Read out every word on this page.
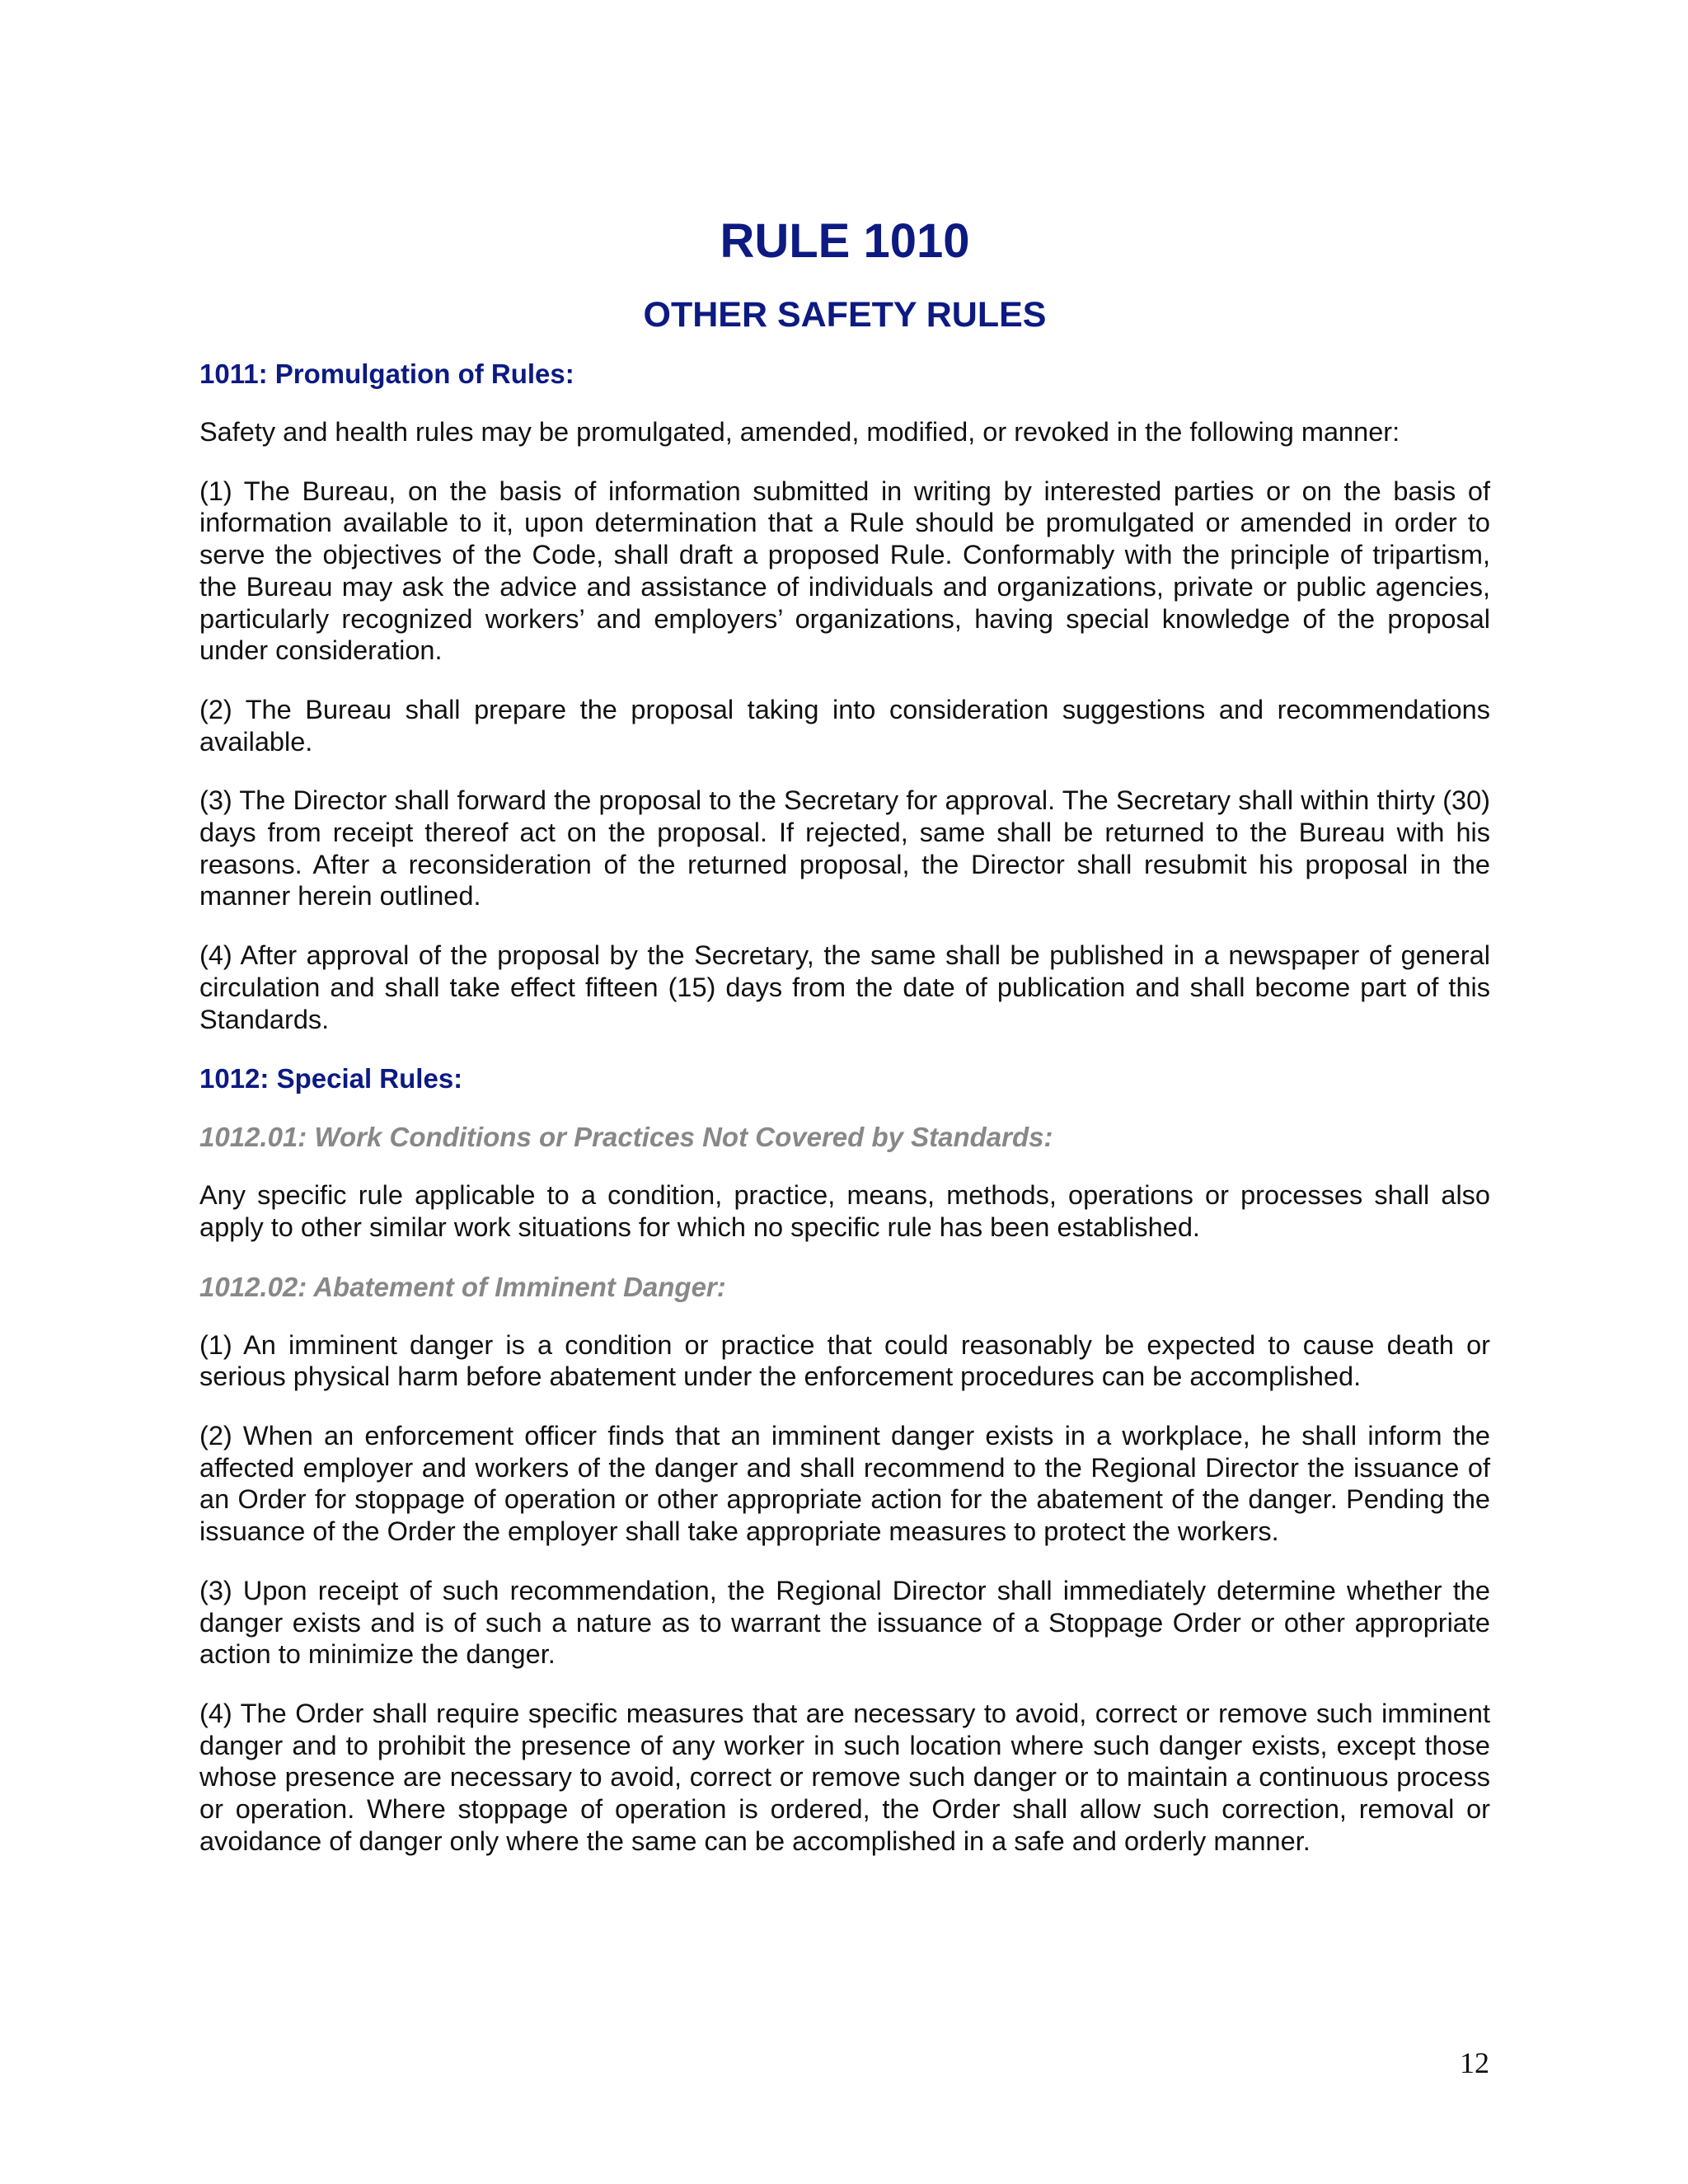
RULE 1010
OTHER SAFETY RULES
1011: Promulgation of Rules:

Safety and health rules may be promulgated, amended, modified, or revoked in the following manner:

(1) The Bureau, on the basis of information submitted in writing by interested parties or on the basis of information available to it, upon determination that a Rule should be promulgated or amended in order to serve the objectives of the Code, shall draft a proposed Rule. Conformably with the principle of tripartism, the Bureau may ask the advice and assistance of individuals and organizations, private or public agencies, particularly recognized workers’ and employers’ organizations, having special knowledge of the proposal under consideration.

(2) The Bureau shall prepare the proposal taking into consideration suggestions and recommendations available.

(3) The Director shall forward the proposal to the Secretary for approval. The Secretary shall within thirty (30) days from receipt thereof act on the proposal. If rejected, same shall be returned to the Bureau with his reasons. After a reconsideration of the returned proposal, the Director shall resubmit his proposal in the manner herein outlined.

(4) After approval of the proposal by the Secretary, the same shall be published in a newspaper of general circulation and shall take effect fifteen (15) days from the date of publication and shall become part of this Standards.

1012: Special Rules:
1012.01: Work Conditions or Practices Not Covered by Standards:

Any specific rule applicable to a condition, practice, means, methods, operations or processes shall also apply to other similar work situations for which no specific rule has been established.

1012.02: Abatement of Imminent Danger:

(1) An imminent danger is a condition or practice that could reasonably be expected to cause death or serious physical harm before abatement under the enforcement procedures can be accomplished.

(2) When an enforcement officer finds that an imminent danger exists in a workplace, he shall inform the affected employer and workers of the danger and shall recommend to the Regional Director the issuance of an Order for stoppage of operation or other appropriate action for the abatement of the danger. Pending the issuance of the Order the employer shall take appropriate measures to protect the workers.

(3) Upon receipt of such recommendation, the Regional Director shall immediately determine whether the danger exists and is of such a nature as to warrant the issuance of a Stoppage Order or other appropriate action to minimize the danger.

(4) The Order shall require specific measures that are necessary to avoid, correct or remove such imminent danger and to prohibit the presence of any worker in such location where such danger exists, except those whose presence are necessary to avoid, correct or remove such danger or to maintain a continuous process or operation. Where stoppage of operation is ordered, the Order shall allow such correction, removal or avoidance of danger only where the same can be accomplished in a safe and orderly manner.

12
